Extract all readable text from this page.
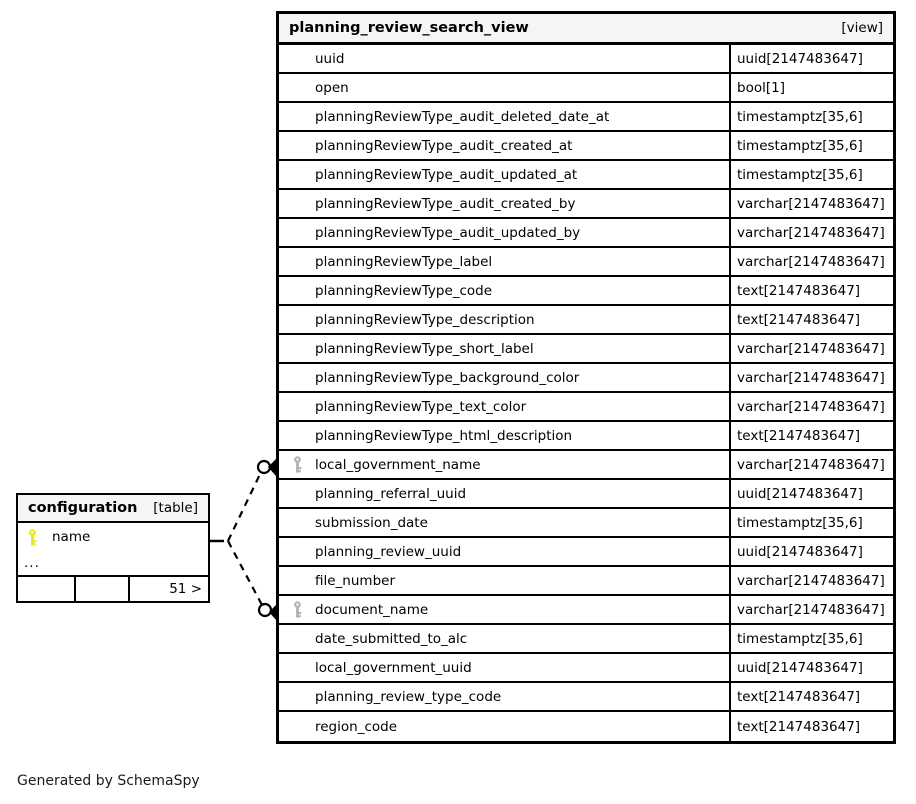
planning_review_search_view	[view]
uuid	uuid[2147483647]
open	bool[1]
planningReviewType_audit_deleted_date_at	timestamptz[35,6]
planningReviewType_audit_created_at	timestamptz[35,6]
planningReviewType_audit_updated_at	timestamptz[35,6]
planningReviewType_audit_created_by	varchar[2147483647]
planningReviewType_audit_updated_by	varchar[2147483647]
planningReviewType_label	varchar[2147483647]
planningReviewType_code	text[2147483647]
planningReviewType_description	text[2147483647]
planningReviewType_short_label	varchar[2147483647]
planningReviewType_background_color	varchar[2147483647]
planningReviewType_text_color	varchar[2147483647]
planningReviewType_html_description	text[2147483647]
local_government_name	varchar[2147483647]
planning_referral_uuid	uuid[2147483647]
submission_date	timestamptz[35,6]
planning_review_uuid	uuid[2147483647]
file_number	varchar[2147483647]
document_name	varchar[2147483647]
date_submitted_to_alc	timestamptz[35,6]
local_government_uuid	uuid[2147483647]
planning_review_type_code	text[2147483647]
region_code	text[2147483647]
configuration [table]
name
...
51 >
Generated by SchemaSpy
